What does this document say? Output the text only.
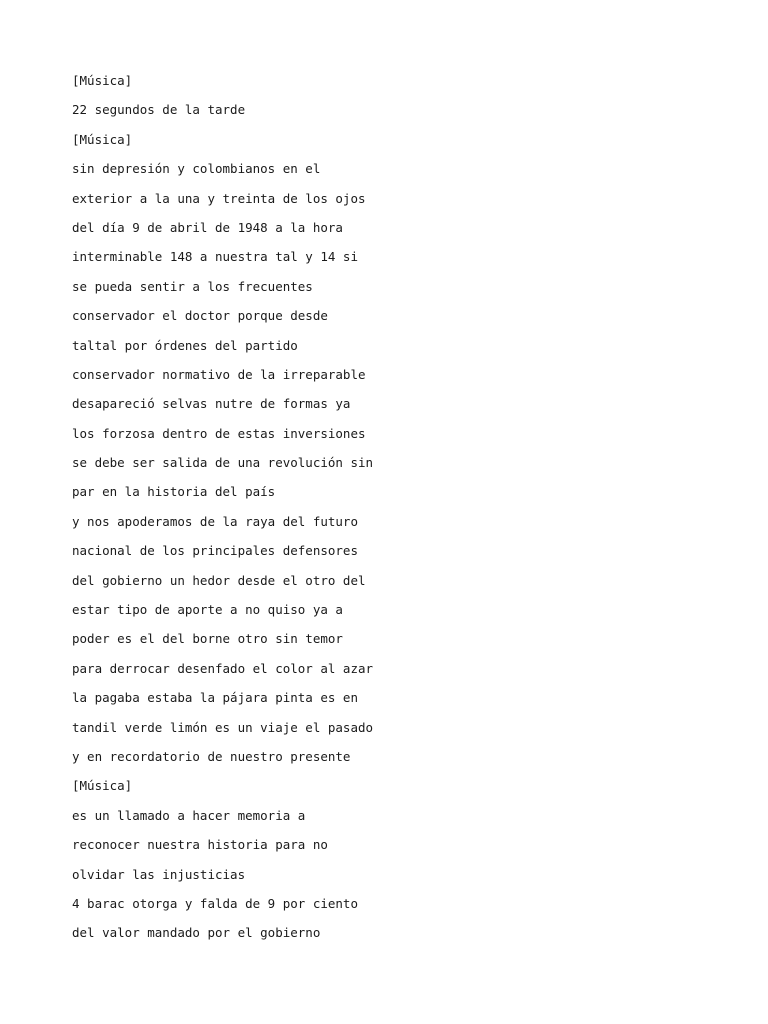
[Música]
22 segundos de la tarde
[Música]
sin depresión y colombianos en el
exterior a la una y treinta de los ojos
del día 9 de abril de 1948 a la hora
interminable 148 a nuestra tal y 14 si
se pueda sentir a los frecuentes
conservador el doctor porque desde
taltal por órdenes del partido
conservador normativo de la irreparable
desapareció selvas nutre de formas ya
los forzosa dentro de estas inversiones
se debe ser salida de una revolución sin
par en la historia del país
y nos apoderamos de la raya del futuro
nacional de los principales defensores
del gobierno un hedor desde el otro del
estar tipo de aporte a no quiso ya a
poder es el del borne otro sin temor
para derrocar desenfado el color al azar
la pagaba estaba la pájara pinta es en
tandil verde limón es un viaje el pasado
y en recordatorio de nuestro presente
[Música]
es un llamado a hacer memoria a
reconocer nuestra historia para no
olvidar las injusticias
4 barac otorga y falda de 9 por ciento
del valor mandado por el gobierno
